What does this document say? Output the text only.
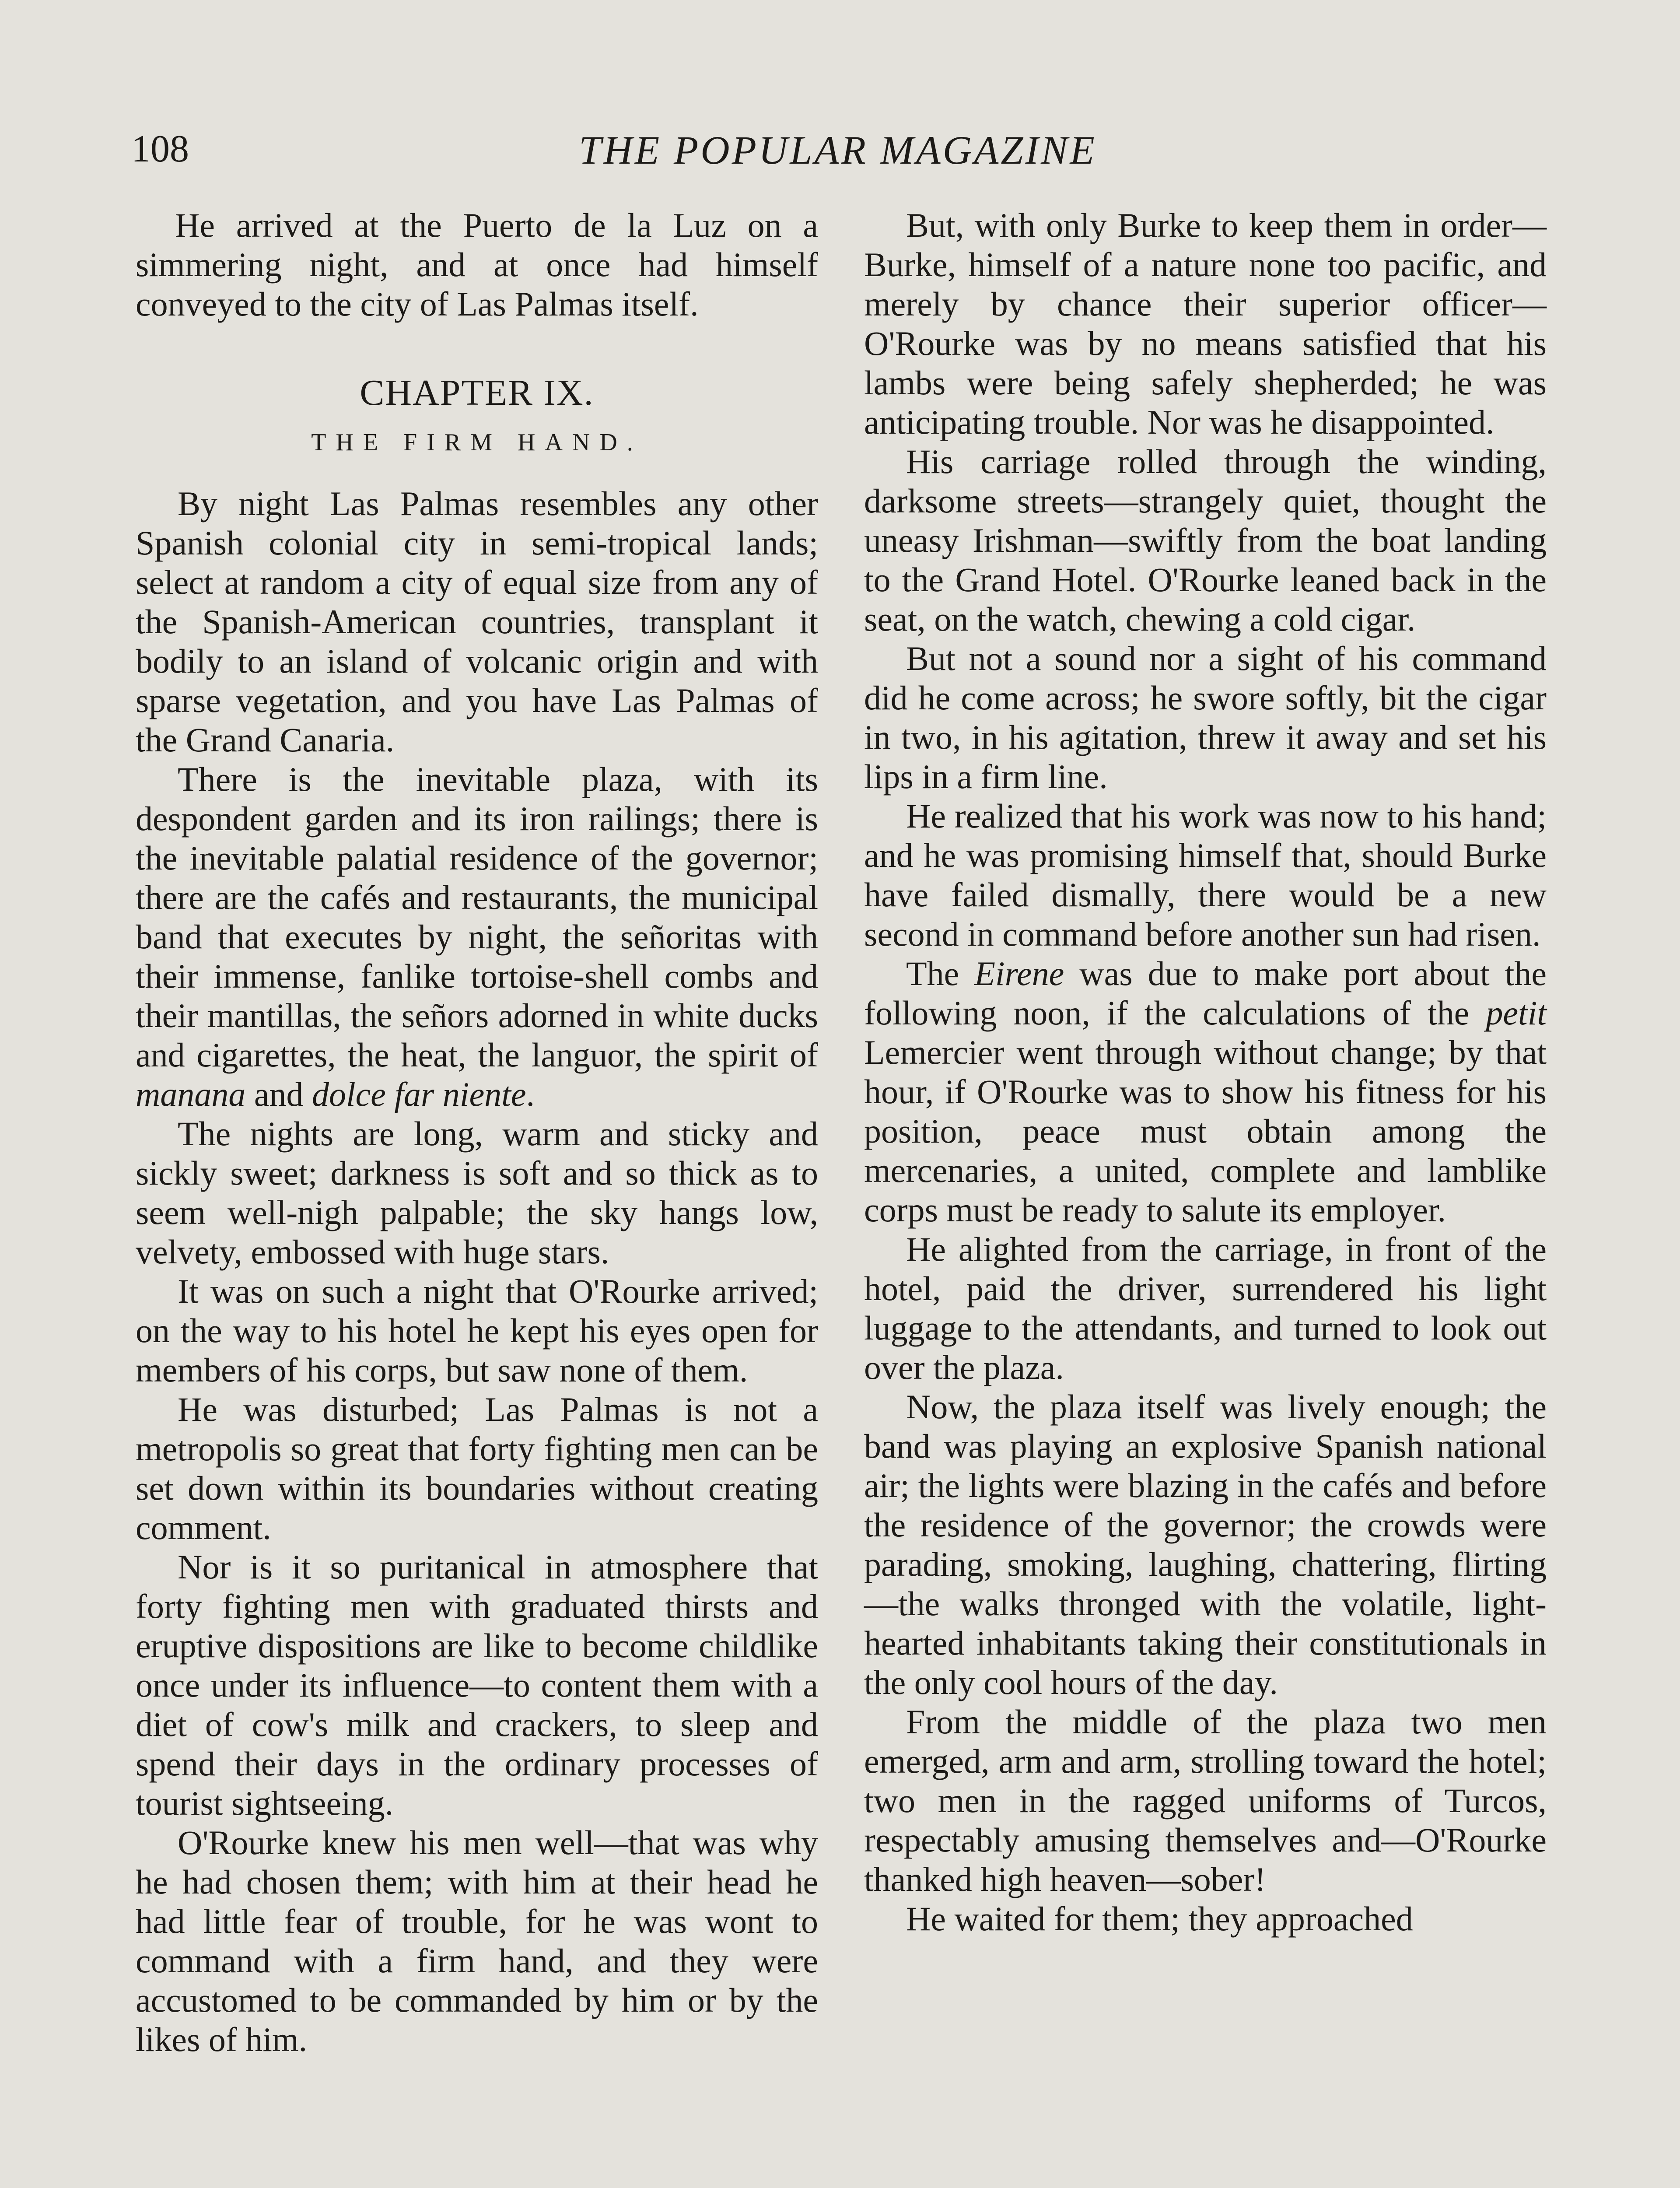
108	THE POPULAR MAGAZINE

He arrived at the Puerto de la Luz on a simmering night, and at once had himself conveyed to the city of Las Palmas itself.

CHAPTER IX.
THE FIRM HAND.

By night Las Palmas resembles any other Spanish colonial city in semi-tropical lands; select at random a city of equal size from any of the Spanish-American countries, transplant it bodily to an island of volcanic origin and with sparse vegetation, and you have Las Palmas of the Grand Canaria.

There is the inevitable plaza, with its despondent garden and its iron railings; there is the inevitable palatial residence of the governor; there are the cafés and restaurants, the municipal band that executes by night, the señoritas with their immense, fanlike tortoise-shell combs and their mantillas, the señors adorned in white ducks and cigarettes, the heat, the languor, the spirit of manana and dolce far niente.

The nights are long, warm and sticky and sickly sweet; darkness is soft and so thick as to seem well-nigh palpable; the sky hangs low, velvety, embossed with huge stars.

It was on such a night that O'Rourke arrived; on the way to his hotel he kept his eyes open for members of his corps, but saw none of them.

He was disturbed; Las Palmas is not a metropolis so great that forty fighting men can be set down within its boundaries without creating comment.

Nor is it so puritanical in atmosphere that forty fighting men with graduated thirsts and eruptive dispositions are like to become childlike once under its influence—to content them with a diet of cow's milk and crackers, to sleep and spend their days in the ordinary processes of tourist sightseeing.

O'Rourke knew his men well—that was why he had chosen them; with him at their head he had little fear of trouble, for he was wont to command with a firm hand, and they were accustomed to be commanded by him or by the likes of him.

But, with only Burke to keep them in order—Burke, himself of a nature none too pacific, and merely by chance their superior officer—O'Rourke was by no means satisfied that his lambs were being safely shepherded; he was anticipating trouble. Nor was he disappointed.

His carriage rolled through the winding, darksome streets—strangely quiet, thought the uneasy Irishman—swiftly from the boat landing to the Grand Hotel. O'Rourke leaned back in the seat, on the watch, chewing a cold cigar.

But not a sound nor a sight of his command did he come across; he swore softly, bit the cigar in two, in his agitation, threw it away and set his lips in a firm line.

He realized that his work was now to his hand; and he was promising himself that, should Burke have failed dismally, there would be a new second in command before another sun had risen.

The Eirene was due to make port about the following noon, if the calculations of the petit Lemercier went through without change; by that hour, if O'Rourke was to show his fitness for his position, peace must obtain among the mercenaries, a united, complete and lamblike corps must be ready to salute its employer.

He alighted from the carriage, in front of the hotel, paid the driver, surrendered his light luggage to the attendants, and turned to look out over the plaza.

Now, the plaza itself was lively enough; the band was playing an explosive Spanish national air; the lights were blazing in the cafés and before the residence of the governor; the crowds were parading, smoking, laughing, chattering, flirting—the walks thronged with the volatile, light-hearted inhabitants taking their constitutionals in the only cool hours of the day.

From the middle of the plaza two men emerged, arm and arm, strolling toward the hotel; two men in the ragged uniforms of Turcos, respectably amusing themselves and—O'Rourke thanked high heaven—sober!

He waited for them; they approached
